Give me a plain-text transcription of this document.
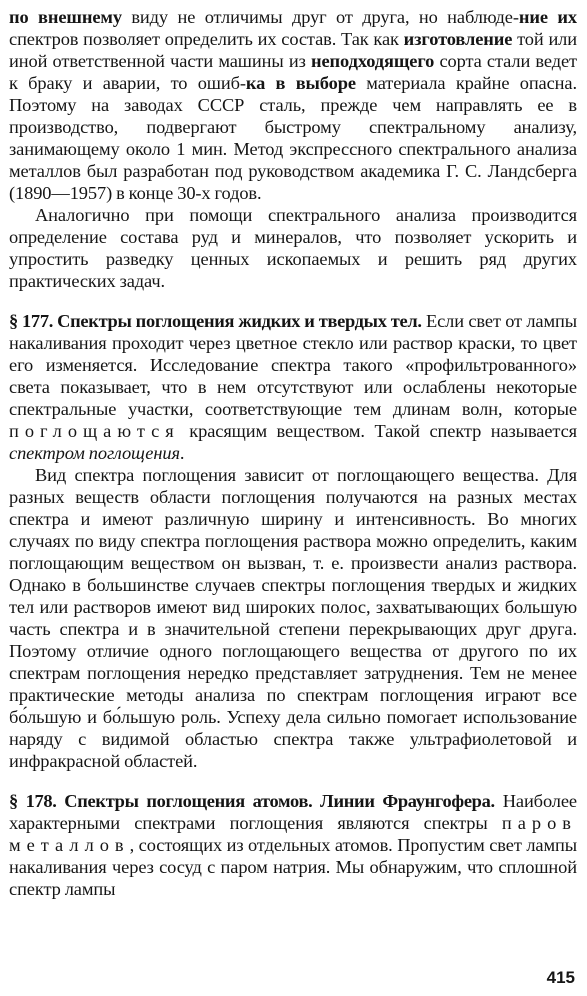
по внешнему виду не отличимы друг от друга, но наблюде-ние их спектров позволяет определить их состав. Так как изготовление той или иной ответственной части машины из неподходящего сорта стали ведет к браку и аварии, то ошиб-ка в выборе материала крайне опасна. Поэтому на заводах СССР сталь, прежде чем направлять ее в производство, подвергают быстрому спектральному анализу, занимающему около 1 мин. Метод экспрессного спектрального анализа металлов был разработан под руководством академика Г. С. Ландсберга (1890—1957) в конце 30-х годов.

Аналогично при помощи спектрального анализа производится определение состава руд и минералов, что позволяет ускорить и упростить разведку ценных ископаемых и решить ряд других практических задач.

§ 177. Спектры поглощения жидких и твердых тел. Если свет от лампы накаливания проходит через цветное стекло или раствор краски, то цвет его изменяется. Исследование спектра такого «профильтрованного» света показывает, что в нем отсутствуют или ослаблены некоторые спектральные участки, соответствующие тем длинам волн, которые поглощаются красящим веществом. Такой спектр называется спектром поглощения.

Вид спектра поглощения зависит от поглощающего вещества. Для разных веществ области поглощения получаются на разных местах спектра и имеют различную ширину и интенсивность. Во многих случаях по виду спектра поглощения раствора можно определить, каким поглощающим веществом он вызван, т. е. произвести анализ раствора. Однако в большинстве случаев спектры поглощения твердых и жидких тел или растворов имеют вид широких полос, захватывающих большую часть спектра и в значительной степени перекрывающих друг друга. Поэтому отличие одного поглощающего вещества от другого по их спектрам поглощения нередко представляет затруднения. Тем не менее практические методы анализа по спектрам поглощения играют все бо́льшую и бо́льшую роль. Успеху дела сильно помогает использование наряду с видимой областью спектра также ультрафиолетовой и инфракрасной областей.

§ 178. Спектры поглощения атомов. Линии Фраунгофера. Наиболее характерными спектрами поглощения являются спектры паров металлов, состоящих из отдельных атомов. Пропустим свет лампы накаливания через сосуд с паром натрия. Мы обнаружим, что сплошной спектр лампы

415
